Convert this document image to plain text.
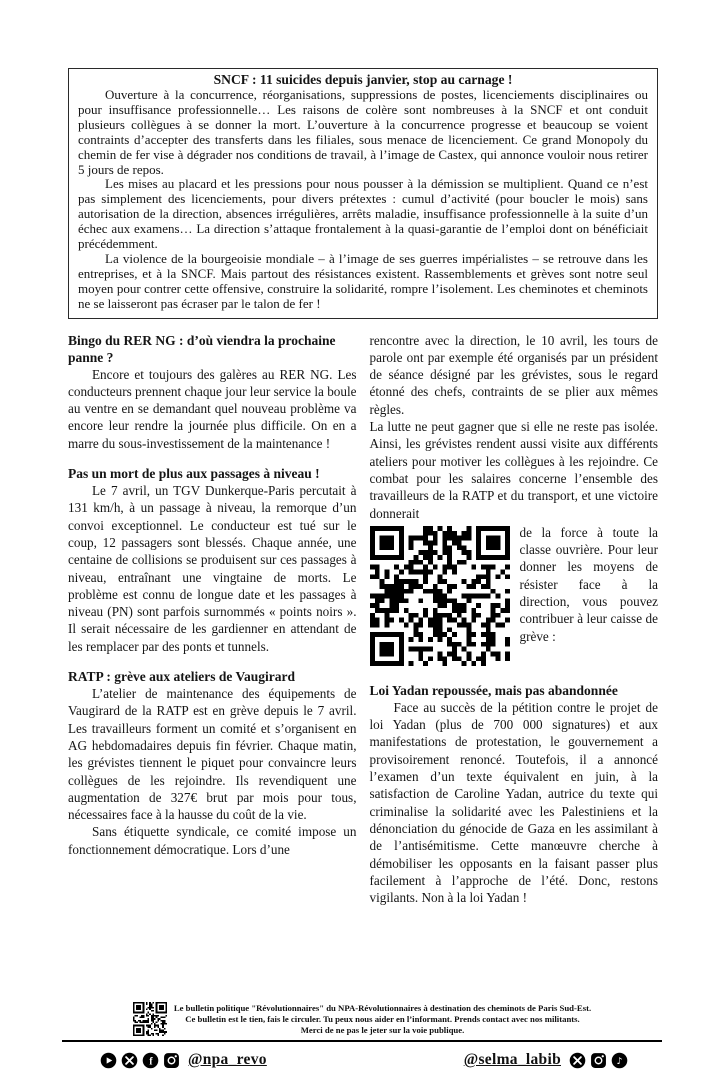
SNCF : 11 suicides depuis janvier, stop au carnage !

Ouverture à la concurrence, réorganisations, suppressions de postes, licenciements disciplinaires ou pour insuffisance professionnelle… Les raisons de colère sont nombreuses à la SNCF et ont conduit plusieurs collègues à se donner la mort. L’ouverture à la concurrence progresse et beaucoup se voient contraints d’accepter des transferts dans les filiales, sous menace de licenciement. Ce grand Monopoly du chemin de fer vise à dégrader nos conditions de travail, à l’image de Castex, qui annonce vouloir nous retirer 5 jours de repos.

Les mises au placard et les pressions pour nous pousser à la démission se multiplient. Quand ce n’est pas simplement des licenciements, pour divers prétextes : cumul d’activité (pour boucler le mois) sans autorisation de la direction, absences irrégulières, arrêts maladie, insuffisance professionnelle à la suite d’un échec aux examens… La direction s’attaque frontalement à la quasi-garantie de l’emploi dont on bénéficiait précédemment.

La violence de la bourgeoisie mondiale – à l’image de ses guerres impérialistes – se retrouve dans les entreprises, et à la SNCF. Mais partout des résistances existent. Rassemblements et grèves sont notre seul moyen pour contrer cette offensive, construire la solidarité, rompre l’isolement. Les cheminotes et cheminots ne se laisseront pas écraser par le talon de fer !

Bingo du RER NG : d’où viendra la prochaine panne ?

Encore et toujours des galères au RER NG. Les conducteurs prennent chaque jour leur service la boule au ventre en se demandant quel nouveau problème va encore leur rendre la journée plus difficile. On en a marre du sous-investissement de la maintenance !

Pas un mort de plus aux passages à niveau !

Le 7 avril, un TGV Dunkerque-Paris percutait à 131 km/h, à un passage à niveau, la remorque d’un convoi exceptionnel. Le conducteur est tué sur le coup, 12 passagers sont blessés. Chaque année, une centaine de collisions se produisent sur ces passages à niveau, entraînant une vingtaine de morts. Le problème est connu de longue date et les passages à niveau (PN) sont parfois surnommés « points noirs ». Il serait nécessaire de les gardienner en attendant de les remplacer par des ponts et tunnels.

RATP : grève aux ateliers de Vaugirard

L’atelier de maintenance des équipements de Vaugirard de la RATP est en grève depuis le 7 avril. Les travailleurs forment un comité et s’organisent en AG hebdomadaires depuis fin février. Chaque matin, les grévistes tiennent le piquet pour convaincre leurs collègues de les rejoindre. Ils revendiquent une augmentation de 327€ brut par mois pour tous, nécessaires face à la hausse du coût de la vie.

Sans étiquette syndicale, ce comité impose un fonctionnement démocratique. Lors d’une

rencontre avec la direction, le 10 avril, les tours de parole ont par exemple été organisés par un président de séance désigné par les grévistes, sous le regard étonné des chefs, contraints de se plier aux mêmes règles.

La lutte ne peut gagner que si elle ne reste pas isolée. Ainsi, les grévistes rendent aussi visite aux différents ateliers pour motiver les collègues à les rejoindre. Ce combat pour les salaires concerne l’ensemble des travailleurs de la RATP et du transport, et une victoire donnerait

de la force à toute la classe ouvrière. Pour leur donner les moyens de résister face à la direction, vous pouvez contribuer à leur caisse de grève :
Loi Yadan repoussée, mais pas abandonnée

Face au succès de la pétition contre le projet de loi Yadan (plus de 700 000 signatures) et aux manifestations de protestation, le gouvernement a provisoirement renoncé. Toutefois, il a annoncé l’examen d’un texte équivalent en juin, à la satisfaction de Caroline Yadan, autrice du texte qui criminalise la solidarité avec les Palestiniens et la dénonciation du génocide de Gaza en les assimilant à de l’antisémitisme. Cette manœuvre cherche à démobiliser les opposants en la faisant passer plus facilement à l’approche de l’été. Donc, restons vigilants. Non à la loi Yadan !

Le bulletin politique "Révolutionnaires" du NPA-Révolutionnaires à destination des cheminots de Paris Sud-Est.
Ce bulletin est le tien, fais le circuler. Tu peux nous aider en l’informant. Prends contact avec nos militants.
Merci de ne pas le jeter sur la voie publique.
f @npa_revo	@selma_labib	♪
